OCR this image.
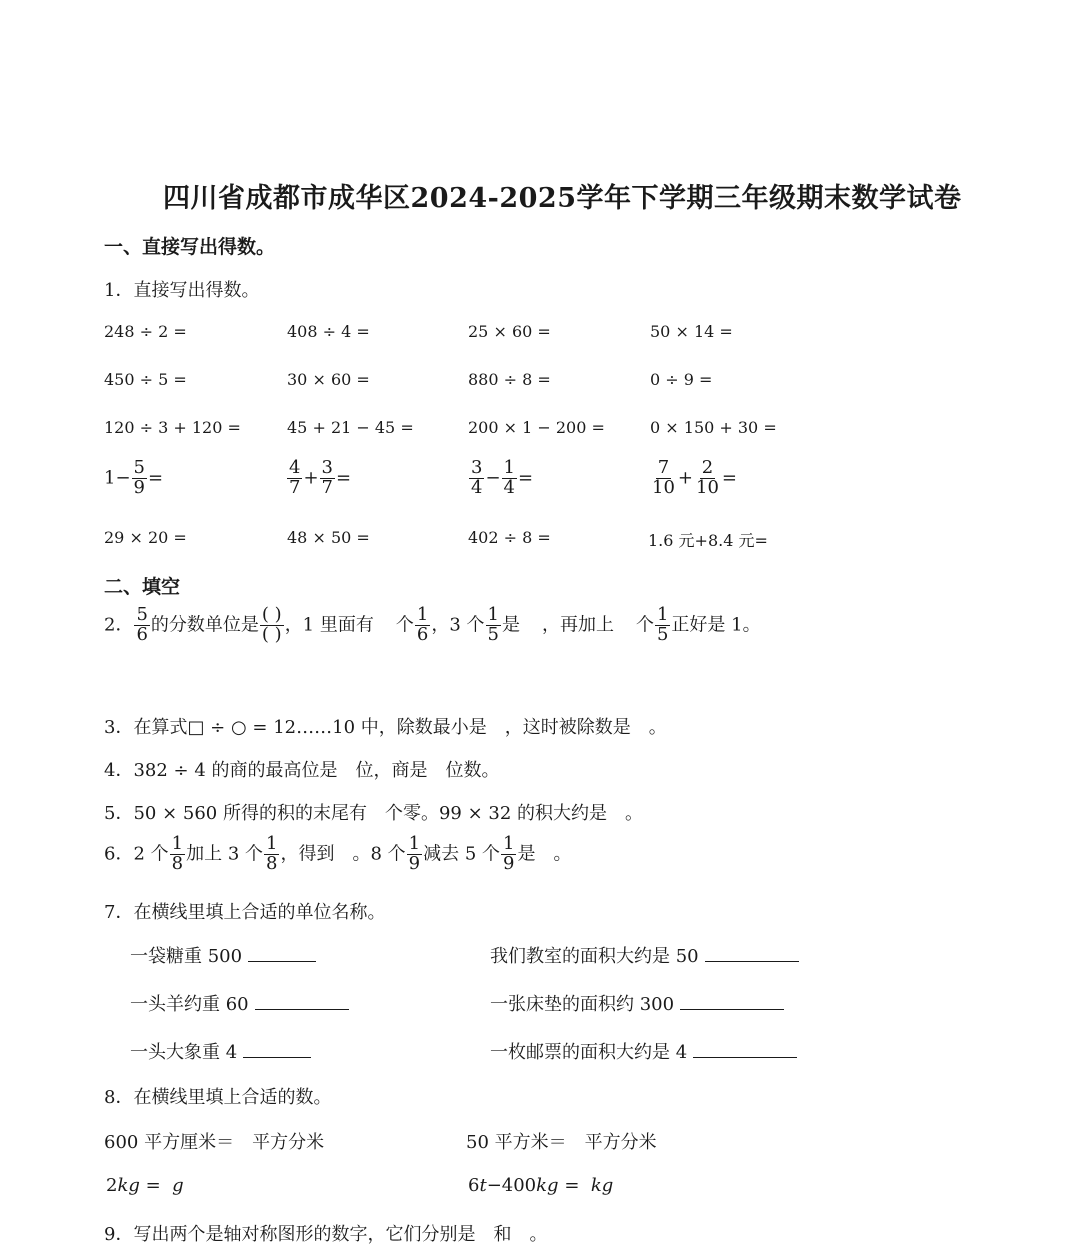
四川省成都市成华区2024-2025学年下学期三年级期末数学试卷
一、直接写出得数。
1．直接写出得数。
248 ÷ 2 =	408 ÷ 4 =	25 × 60 =	50 × 14 =
450 ÷ 5 =	30 × 60 =	880 ÷ 8 =	0 ÷ 9 =
120 ÷ 3 + 120 =	45 + 21 − 45 =	200 × 1 − 200 =	0 × 150 + 30 =
$1- \frac{5}{9}$ =	$\frac{4}{7} + \frac{3}{7}$ =	$\frac{3}{4} - \frac{1}{4}$ =	$\frac{7}{10} + \frac{2}{10}$ =
29 × 20 =	48 × 50 =	402 ÷ 8 =	1.6 元+8.4 元=
二、填空
2． $\frac{5}{6}$ 的分数单位是 $\frac{( )}{( )}$ ，1 里面有 个 $\frac{1}{6}$ ，3 个 $\frac{1}{5}$ 是 ，再加上 个 $\frac{1}{5}$ 正好是 1。
3．在算式□ ÷ ○ = 12……10 中，除数最小是　，这时被除数是　。
4．382 ÷ 4 的商的最高位是　位，商是　位数。
5．50 × 560 所得的积的末尾有　个零。99 × 32 的积大约是　。
6．2 个 $\frac{1}{8}$ 加上 3 个 $\frac{1}{8}$ ，得到　。8 个 $\frac{1}{9}$ 减去 5 个 $\frac{1}{9}$ 是　。
7．在横线里填上合适的单位名称。
一袋糖重 500	我们教室的面积大约是 50
一头羊约重 60	一张床垫的面积约 300
一头大象重 4	一枚邮票的面积大约是 4
8．在横线里填上合适的数。
600 平方厘米＝　平方分米	50 平方米＝　平方分米
2kg = g	6t−400kg = kg
9．写出两个是轴对称图形的数字，它们分别是　和　。
